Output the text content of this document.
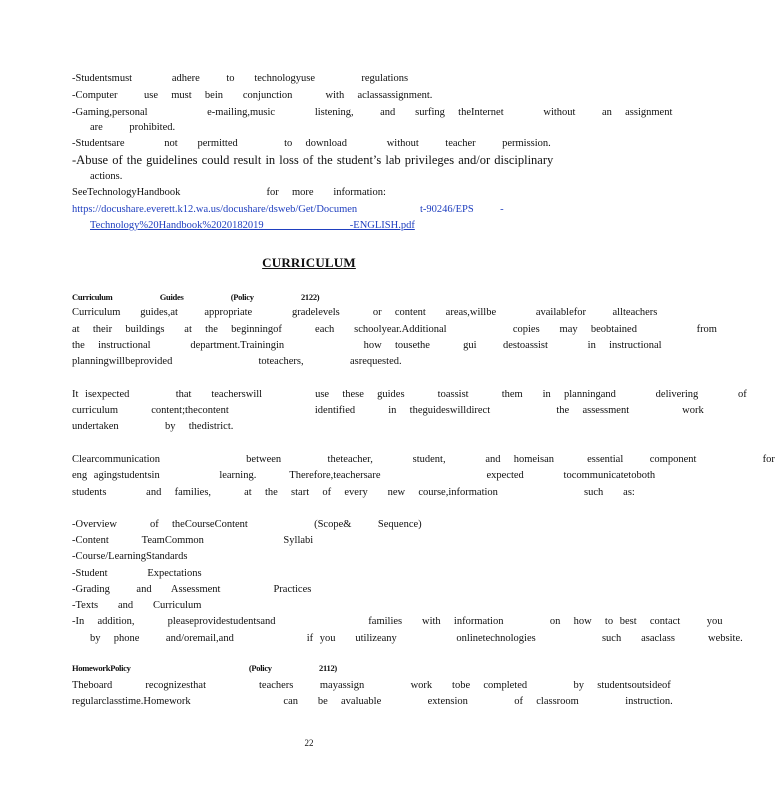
-Studentsmust      adhere    to   technologyuse       regulations
-Computer    use  must  bein   conjunction     with  aclassassignment.
-Gaming,personal         e-mailing,music      listening,    and   surfing  theInternet      without    an  assignment
are    prohibited.
-Studentsare      not   permitted       to  download      without    teacher    permission.
-Abuse of the guidelines could result in loss of the student’s lab privileges and/or disciplinary
actions.
SeeTechnologyHandbook             for  more   information:
https://docushare.everett.k12.wa.us/docushare/dsweb/Get/Documen	t-90246/EPS    -
Technology%20Handbook%2020182019             -ENGLISH.pdf
CURRICULUM
Curriculum    Guides    (Policy    2122)
Curriculum   guides,at    appropriate      gradelevels     or  content   areas,willbe      availablefor    allteachers
at  their  buildings   at  the  beginningof     each   schoolyear.Additional          copies   may  beobtained         from
the  instructional      department.Trainingin            how  tousethe     gui    destoassist      in  instructional
planningwillbeprovided             toteachers,       asrequested.
It isexpected       that   teacherswill        use  these  guides     toassist     them   in  planningand      delivering      of
curriculum     content;thecontent             identified     in  theguideswilldirect          the  assessment        work
undertaken       by  thedistrict.
Clearcommunication             between       theteacher,      student,      and  homeisan     essential    component          for
eng agingstudentsin         learning.     Therefore,teachersare                expected      tocommunicatetoboth
students      and  families,     at  the  start  of  every   new  course,information             such   as:
-Overview     of  theCourseContent          (Scope&    Sequence)
-Content     TeamCommon            Syllabi
-Course/LearningStandards
-Student      Expectations
-Grading    and   Assessment        Practices
-Texts   and   Curriculum
-In  addition,     pleaseprovidestudentsand              families   with  information       on  how  to best  contact    you
by  phone    and/oremail,and           if you   utilizeany         onlinetechnologies          such   asaclass     website.
HomeworkPolicy          (Policy    2112)
Theboard     recognizesthat        teachers    mayassign       work   tobe  completed       by  studentsoutsideof
regularclasstime.Homework              can   be  avaluable       extension       of  classroom       instruction.
22
